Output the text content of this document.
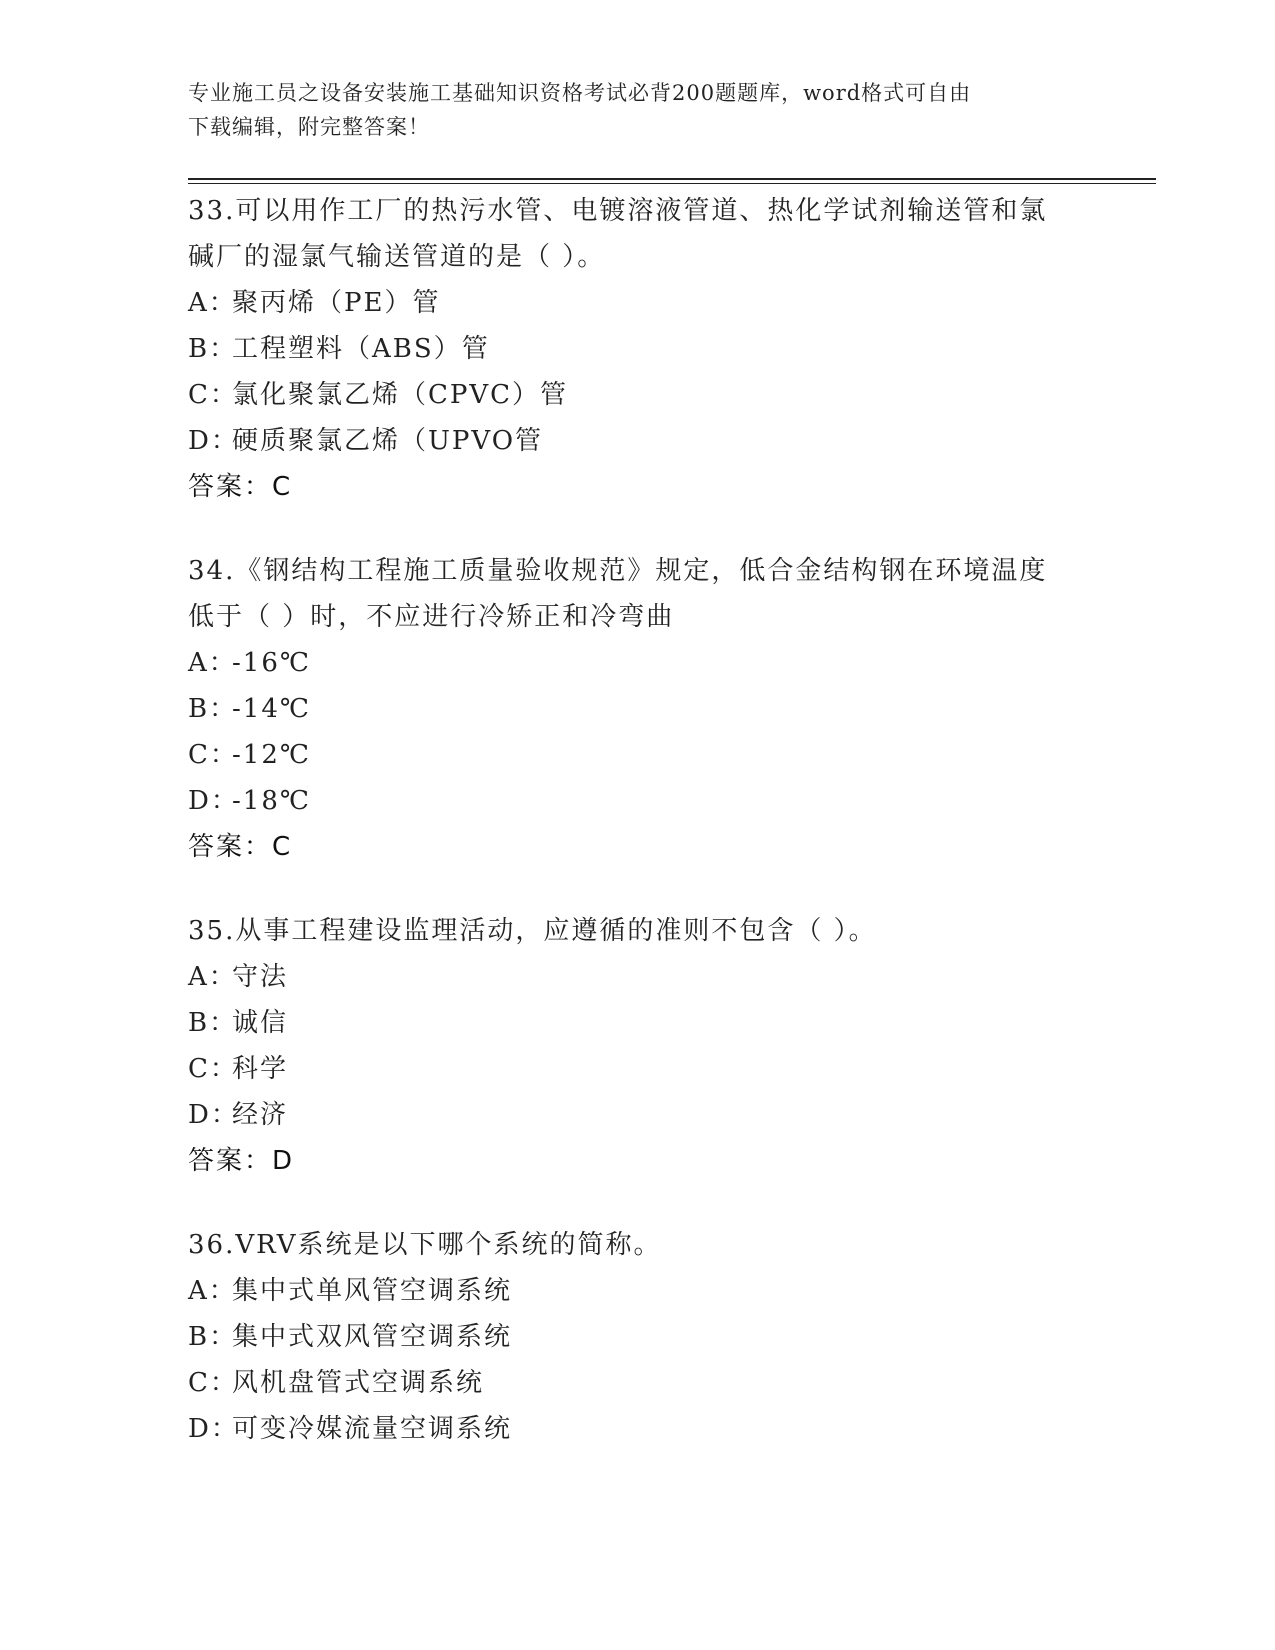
专业施工员之设备安装施工基础知识资格考试必背200题题库，word格式可自由
下载编辑，附完整答案！

33.可以用作工厂的热污水管、电镀溶液管道、热化学试剂输送管和氯

碱厂的湿氯气输送管道的是（ ）。

A：聚丙烯（PE）管

B：工程塑料（ABS）管

C：氯化聚氯乙烯（CPVC）管

D：硬质聚氯乙烯（UPVO管

答案：C

34.《钢结构工程施工质量验收规范》规定，低合金结构钢在环境温度

低于（ ）时，不应进行冷矫正和冷弯曲

A：-16℃

B：-14℃

C：-12℃

D：-18℃

答案：C

35.从事工程建设监理活动，应遵循的准则不包含（ ）。

A：守法

B：诚信

C：科学

D：经济

答案：D

36.VRV系统是以下哪个系统的简称。

A：集中式单风管空调系统

B：集中式双风管空调系统

C：风机盘管式空调系统

D：可变冷媒流量空调系统
